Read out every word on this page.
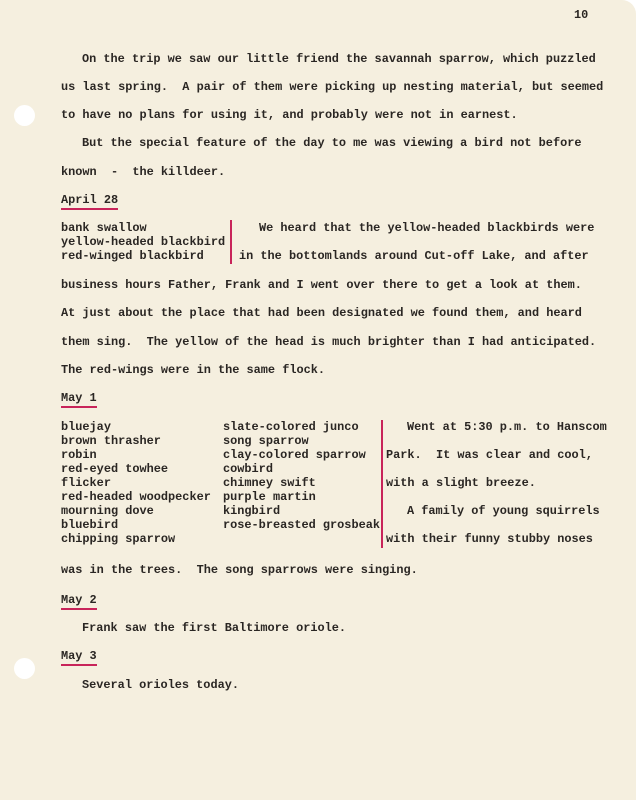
10
On the trip we saw our little friend the savannah sparrow, which puzzled
us last spring.  A pair of them were picking up nesting material, but seemed
to have no plans for using it, and probably were not in earnest.
But the special feature of the day to me was viewing a bird not before
known  -  the killdeer.
April 28
bank swallow
yellow-headed blackbird
red-winged blackbird
We heard that the yellow-headed blackbirds were
in the bottomlands around Cut-off Lake, and after
business hours Father, Frank and I went over there to get a look at them.
At just about the place that had been designated we found them, and heard
them sing.  The yellow of the head is much brighter than I had anticipated.
The red-wings were in the same flock.
May 1
bluejay
brown thrasher
robin
red-eyed towhee
flicker
red-headed woodpecker
mourning dove
bluebird
chipping sparrow
slate-colored junco
song sparrow
clay-colored sparrow
cowbird
chimney swift
purple martin
kingbird
rose-breasted grosbeak
Went at 5:30 p.m. to Hanscom
Park.  It was clear and cool,
with a slight breeze.
A family of young squirrels
with their funny stubby noses
was in the trees.  The song sparrows were singing.
May 2
Frank saw the first Baltimore oriole.
May 3
Several orioles today.
